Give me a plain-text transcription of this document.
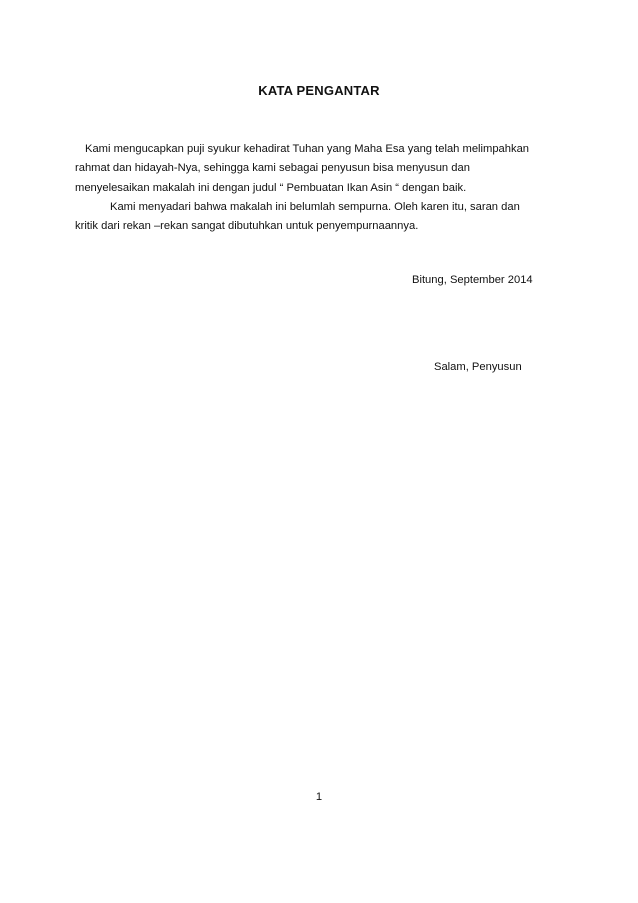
KATA PENGANTAR
Kami mengucapkan puji syukur kehadirat Tuhan yang Maha Esa yang telah melimpahkan
rahmat dan hidayah-Nya, sehingga kami sebagai penyusun bisa menyusun dan
menyelesaikan makalah ini dengan judul “ Pembuatan Ikan Asin “ dengan baik.
Kami menyadari bahwa makalah ini belumlah sempurna. Oleh karen itu, saran dan
kritik dari rekan –rekan sangat dibutuhkan untuk penyempurnaannya.
Bitung, September 2014
Salam, Penyusun
1
